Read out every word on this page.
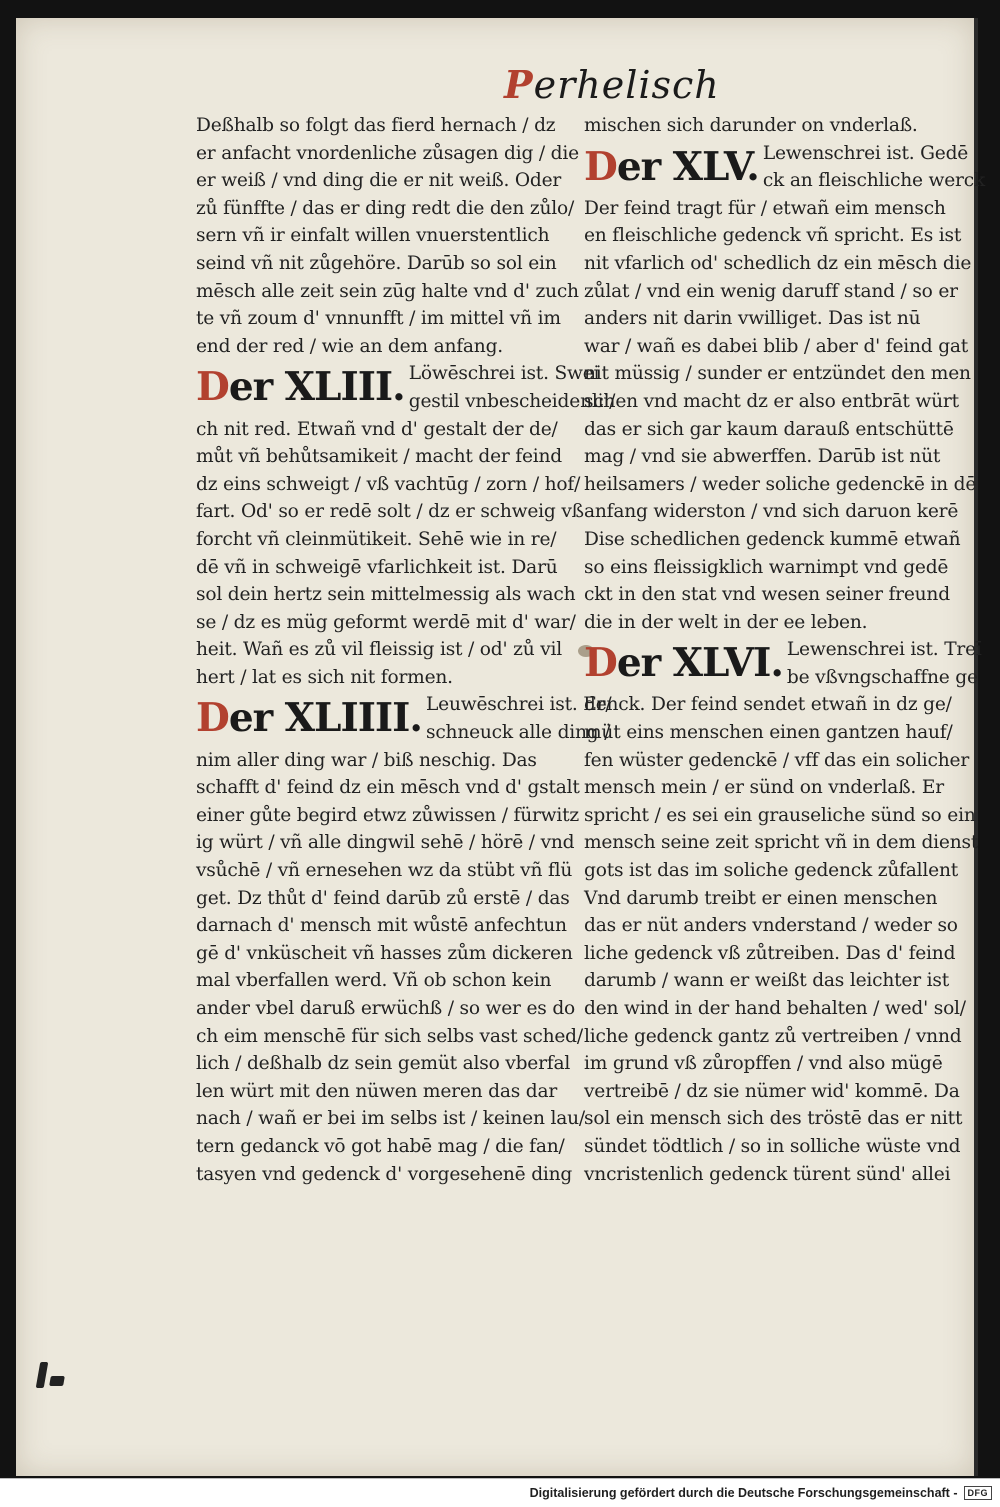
Perhelisch
Deßhalb so folgt das fierd hernach / dz
er anfacht vnordenliche zůsagen dig / die
er weiß / vnd ding die er nit weiß. Oder
zů fünffte / das er ding redt die den zůlo/
sern vñ ir einfalt willen vnuerstentlich
seind vñ nit zůgehöre. Darūb so sol ein
mēsch alle zeit sein zūg halte vnd d' zuch
te vñ zoum d' vnnunfft / im mittel vñ im
end der red / wie an dem anfang.
Der XLIII. Löwēschrei ist. Swei
gestil vnbescheidenlii/
ch nit red. Etwañ vnd d' gestalt der de/
můt vñ behůtsamikeit / macht der feind
dz eins schweigt / vß vachtūg / zorn / hof/
fart. Od' so er redē solt / dz er schweig vß
forcht vñ cleinmütikeit. Sehē wie in re/
dē vñ in schweigē vfarlichkeit ist. Darū
sol dein hertz sein mittelmessig als wach
se / dz es müg geformt werdē mit d' war/
heit. Wañ es zů vil fleissig ist / od' zů vil
hert / lat es sich nit formen.
Der XLIIII. Leuwēschrei ist. Er/
schneuck alle ding /
nim aller ding war / biß neschig. Das
schafft d' feind dz ein mēsch vnd d' gstalt
einer gůte begird etwz zůwissen / fürwitz
ig würt / vñ alle dingwil sehē / hörē / vnd
vsůchē / vñ ernesehen wz da stübt vñ flü
get. Dz thůt d' feind darūb zů erstē / das
darnach d' mensch mit wůstē anfechtun
gē d' vnküscheit vñ hasses zům dickeren
mal vberfallen werd. Vñ ob schon kein
ander vbel daruß erwüchß / so wer es do
ch eim menschē für sich selbs vast sched/
lich / deßhalb dz sein gemüt also vberfal
len würt mit den nüwen meren das dar
nach / wañ er bei im selbs ist / keinen lau/
tern gedanck vō got habē mag / die fan/
tasyen vnd gedenck d' vorgesehenē ding
mischen sich darunder on vnderlaß.
Der XLV. Lewenschrei ist. Gedē
ck an fleischliche werck
Der feind tragt für / etwañ eim mensch
en fleischliche gedenck vñ spricht. Es ist
nit vfarlich od' schedlich dz ein mēsch die
zůlat / vnd ein wenig daruff stand / so er
anders nit darin vwilliget. Das ist nū
war / wañ es dabei blib / aber d' feind gat
nit müssig / sunder er entzündet den men
schen vnd macht dz er also entbrāt würt
das er sich gar kaum darauß entschüttē
mag / vnd sie abwerffen. Darūb ist nüt
heilsamers / weder soliche gedenckē in dē
anfang widerston / vnd sich daruon kerē
Dise schedlichen gedenck kummē etwañ
so eins fleissigklich warnimpt vnd gedē
ckt in den stat vnd wesen seiner freund
die in der welt in der ee leben.
Der XLVI. Lewenschrei ist. Treī
be vßvngschaffne ge
denck. Der feind sendet etwañ in dz ge/
müt eins menschen einen gantzen hauf/
fen wüster gedenckē / vff das ein solicher
mensch mein / er sünd on vnderlaß. Er
spricht / es sei ein grauseliche sünd so ein
mensch seine zeit spricht vñ in dem dienst
gots ist das im soliche gedenck zůfallent
Vnd darumb treibt er einen menschen
das er nüt anders vnderstand / weder so
liche gedenck vß zůtreiben. Das d' feind
darumb / wann er weißt das leichter ist
den wind in der hand behalten / wed' sol/
liche gedenck gantz zů vertreiben / vnnd
im grund vß zůropffen / vnd also mügē
vertreibē / dz sie nümer wid' kommē. Da
sol ein mensch sich des tröstē das er nitt
sündet tödtlich / so in solliche wüste vnd
vncristenlich gedenck türent sünd' allei
Digitalisierung gefördert durch die Deutsche Forschungsgemeinschaft -	DFG
